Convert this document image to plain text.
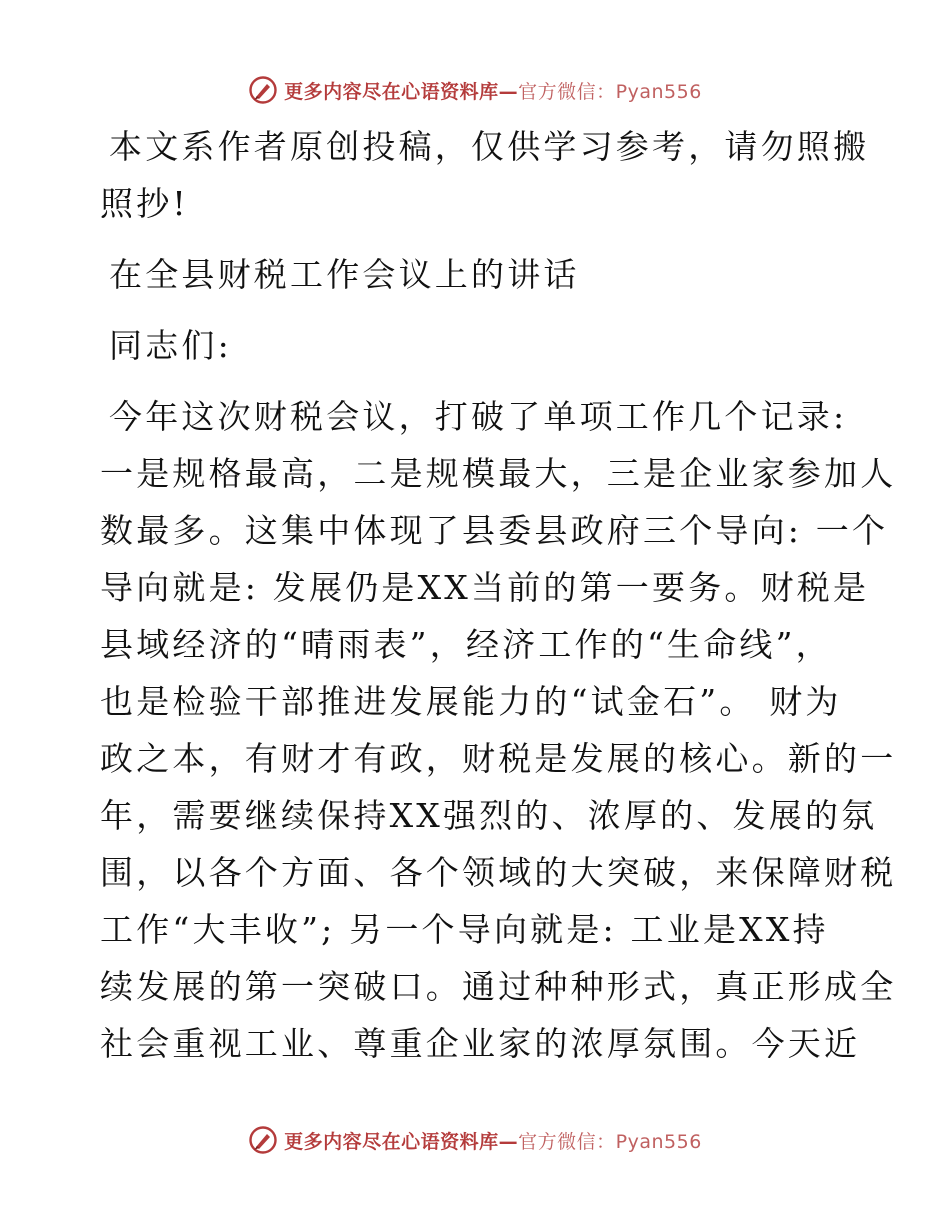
更多内容尽在心语资料库—官方微信：Pyan556

本文系作者原创投稿，仅供学习参考，请勿照搬
照抄!

在全县财税工作会议上的讲话

同志们:

今年这次财税会议，打破了单项工作几个记录:
一是规格最高，二是规模最大，三是企业家参加人
数最多。这集中体现了县委县政府三个导向: 一个
导向就是: 发展仍是XX当前的第一要务。财税是
县域经济的“晴雨表”，经济工作的“生命线”，
也是检验干部推进发展能力的“试金石”。 财为
政之本，有财才有政，财税是发展的核心。新的一
年，需要继续保持XX强烈的、浓厚的、发展的氛
围，以各个方面、各个领域的大突破，来保障财税
工作“大丰收”; 另一个导向就是: 工业是XX持
续发展的第一突破口。通过种种形式，真正形成全
社会重视工业、尊重企业家的浓厚氛围。今天近

更多内容尽在心语资料库—官方微信：Pyan556
